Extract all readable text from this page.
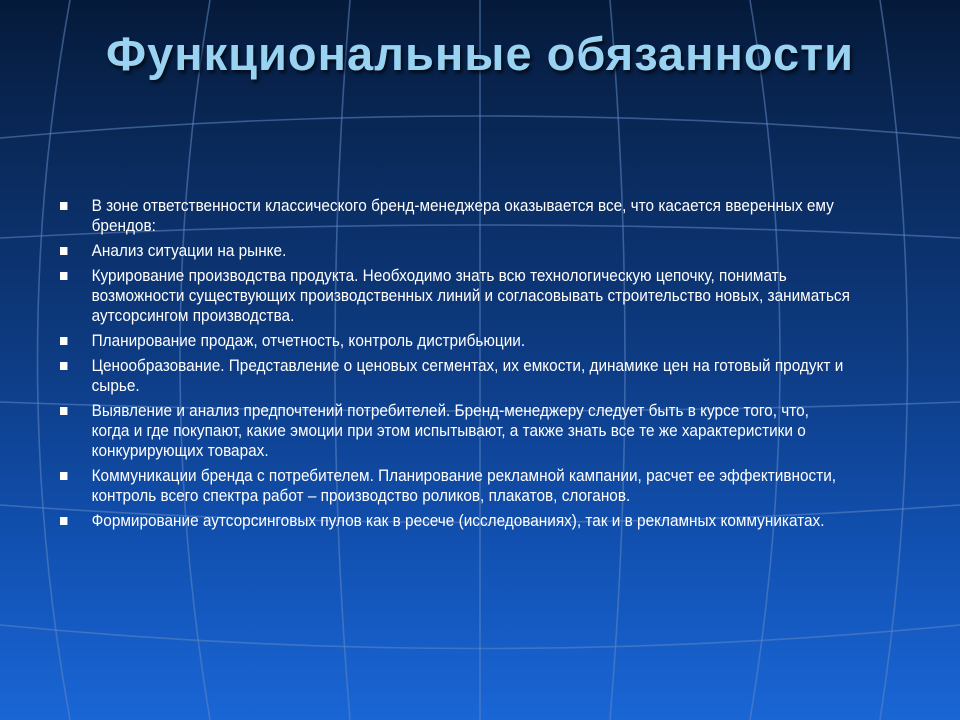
Функциональные обязанности
В зоне ответственности классического бренд-менеджера оказывается все, что касается вверенных ему брендов:
Анализ ситуации на рынке.
Курирование производства продукта. Необходимо знать всю технологическую цепочку, понимать возможности существующих производственных линий и согласовывать строительство новых, заниматься аутсорсингом производства.
Планирование продаж, отчетность, контроль дистрибьюции.
Ценообразование. Представление о ценовых сегментах, их емкости, динамике цен на готовый продукт и сырье.
Выявление и анализ предпочтений потребителей. Бренд-менеджеру следует быть в курсе того, что, когда и где покупают, какие эмоции при этом испытывают, а также знать все те же характеристики о конкурирующих товарах.
Коммуникации бренда с потребителем. Планирование рекламной кампании, расчет ее эффективности, контроль всего спектра работ – производство роликов, плакатов, слоганов.
Формирование аутсорсинговых пулов как в ресече (исследованиях), так и в рекламных коммуникатах.
